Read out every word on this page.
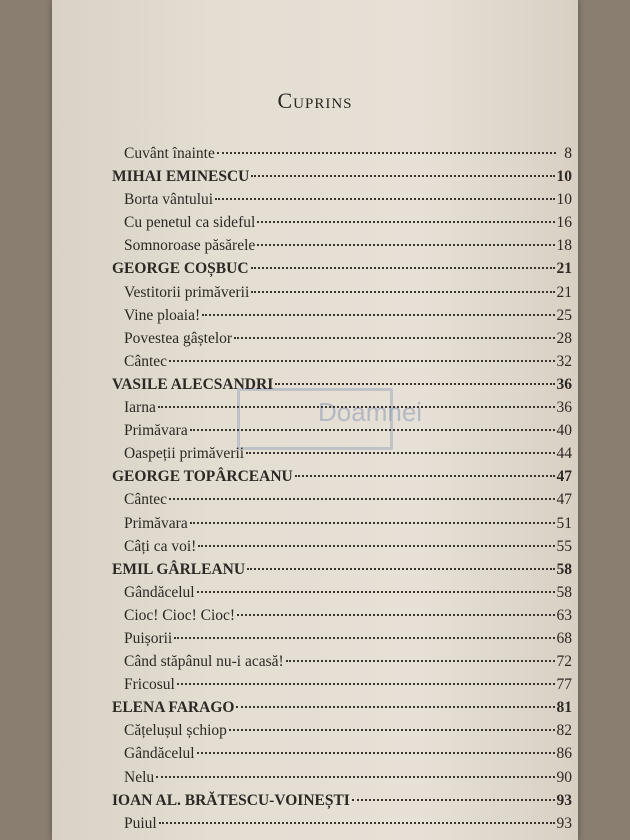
Cuprins
Doamnei
Cuvânt înainte	8
MIHAI EMINESCU	10
Borta vântului	10
Cu penetul ca sideful	16
Somnoroase păsărele	18
GEORGE COȘBUC	21
Vestitorii primăverii	21
Vine ploaia!	25
Povestea gâștelor	28
Cântec	32
VASILE ALECSANDRI	36
Iarna	36
Primăvara	40
Oaspeții primăverii	44
GEORGE TOPÂRCEANU	47
Cântec	47
Primăvara	51
Câți ca voi!	55
EMIL GÂRLEANU	58
Gândăcelul	58
Cioc! Cioc! Cioc!	63
Puișorii	68
Când stăpânul nu-i acasă!	72
Fricosul	77
ELENA FARAGO	81
Cățelușul șchiop	82
Gândăcelul	86
Nelu	90
IOAN AL. BRĂTESCU-VOINEȘTI	93
Puiul	93
